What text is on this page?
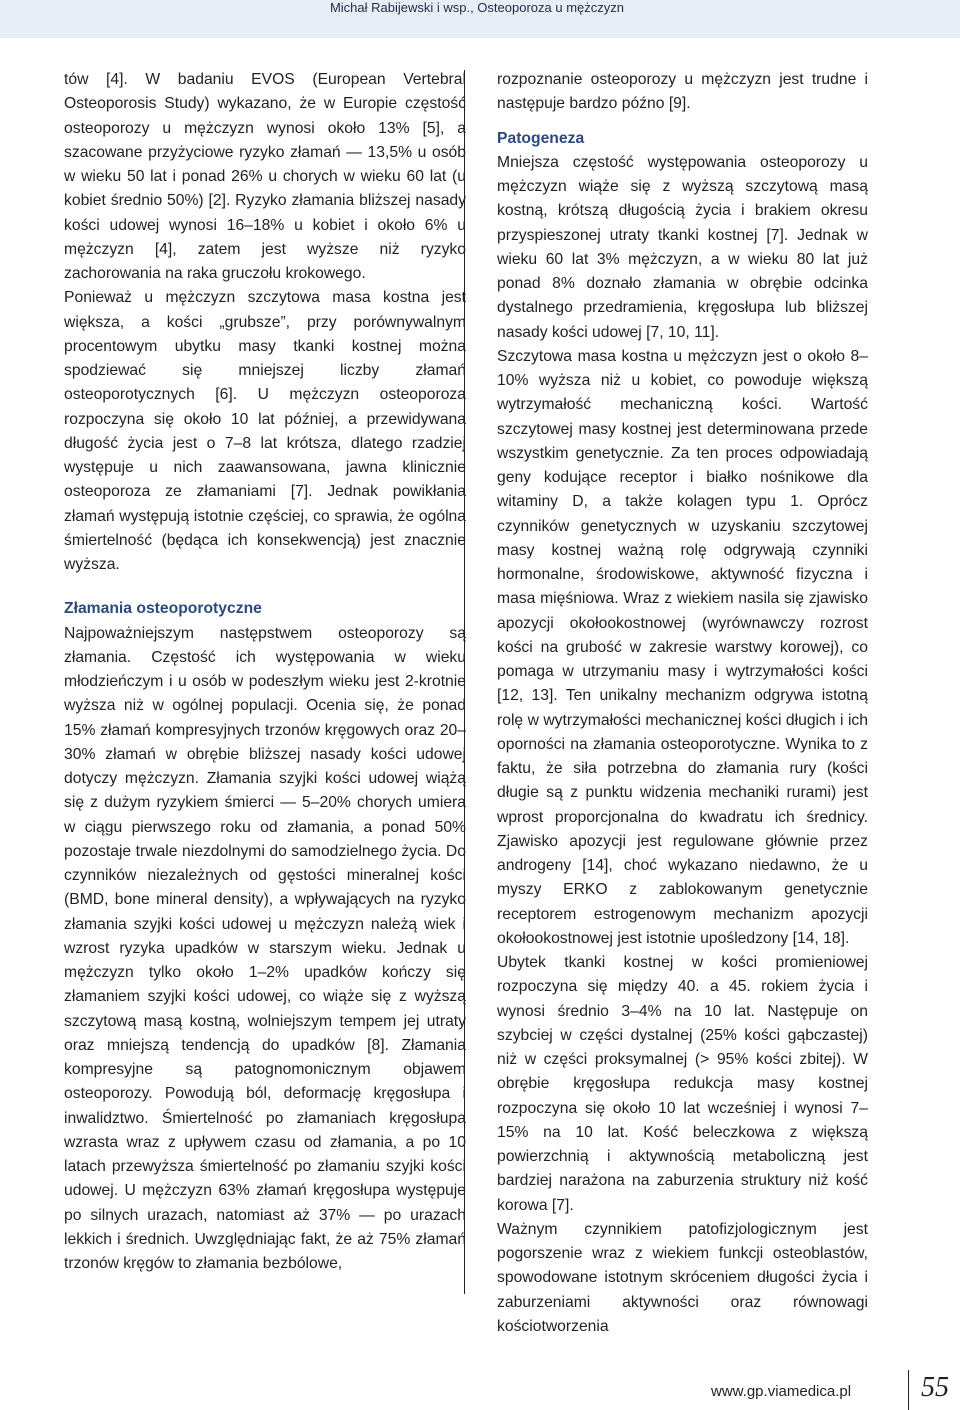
Michał Rabijewski i wsp., Osteoporoza u mężczyzn

tów [4]. W badaniu EVOS (European Vertebral Osteoporosis Study) wykazano, że w Europie częstość osteoporozy u mężczyzn wynosi około 13% [5], a szacowane przyżyciowe ryzyko złamań — 13,5% u osób w wieku 50 lat i ponad 26% u chorych w wieku 60 lat (u kobiet średnio 50%) [2]. Ryzyko złamania bliższej nasady kości udowej wynosi 16–18% u kobiet i około 6% u mężczyzn [4], zatem jest wyższe niż ryzyko zachorowania na raka gruczołu krokowego.

Ponieważ u mężczyzn szczytowa masa kostna jest większa, a kości „grubsze”, przy porównywalnym procentowym ubytku masy tkanki kostnej można spodziewać się mniejszej liczby złamań osteoporotycznych [6]. U mężczyzn osteoporoza rozpoczyna się około 10 lat później, a przewidywana długość życia jest o 7–8 lat krótsza, dlatego rzadziej występuje u nich zaawansowana, jawna klinicznie osteoporoza ze złamaniami [7]. Jednak powikłania złamań występują istotnie częściej, co sprawia, że ogólna śmiertelność (będąca ich konsekwencją) jest znacznie wyższa.

Złamania osteoporotyczne

Najpoważniejszym następstwem osteoporozy są złamania. Częstość ich występowania w wieku młodzieńczym i u osób w podeszłym wieku jest 2-krotnie wyższa niż w ogólnej populacji. Ocenia się, że ponad 15% złamań kompresyjnych trzonów kręgowych oraz 20–30% złamań w obrębie bliższej nasady kości udowej dotyczy mężczyzn. Złamania szyjki kości udowej wiążą się z dużym ryzykiem śmierci — 5–20% chorych umiera w ciągu pierwszego roku od złamania, a ponad 50% pozostaje trwale niezdolnymi do samodzielnego życia. Do czynników niezależnych od gęstości mineralnej kości (BMD, bone mineral density), a wpływających na ryzyko złamania szyjki kości udowej u mężczyzn należą wiek i wzrost ryzyka upadków w starszym wieku. Jednak u mężczyzn tylko około 1–2% upadków kończy się złamaniem szyjki kości udowej, co wiąże się z wyższą szczytową masą kostną, wolniejszym tempem jej utraty oraz mniejszą tendencją do upadków [8]. Złamania kompresyjne są patognomonicznym objawem osteoporozy. Powodują ból, deformację kręgosłupa i inwalidztwo. Śmiertelność po złamaniach kręgosłupa wzrasta wraz z upływem czasu od złamania, a po 10 latach przewyższa śmiertelność po złamaniu szyjki kości udowej. U mężczyzn 63% złamań kręgosłupa występuje po silnych urazach, natomiast aż 37% — po urazach lekkich i średnich. Uwzględniając fakt, że aż 75% złamań trzonów kręgów to złamania bezbólowe,

rozpoznanie osteoporozy u mężczyzn jest trudne i następuje bardzo późno [9].

Patogeneza

Mniejsza częstość występowania osteoporozy u mężczyzn wiąże się z wyższą szczytową masą kostną, krótszą długością życia i brakiem okresu przyspieszonej utraty tkanki kostnej [7]. Jednak w wieku 60 lat 3% mężczyzn, a w wieku 80 lat już ponad 8% doznało złamania w obrębie odcinka dystalnego przedramienia, kręgosłupa lub bliższej nasady kości udowej [7, 10, 11].

Szczytowa masa kostna u mężczyzn jest o około 8–10% wyższa niż u kobiet, co powoduje większą wytrzymałość mechaniczną kości. Wartość szczytowej masy kostnej jest determinowana przede wszystkim genetycznie. Za ten proces odpowiadają geny kodujące receptor i białko nośnikowe dla witaminy D, a także kolagen typu 1. Oprócz czynników genetycznych w uzyskaniu szczytowej masy kostnej ważną rolę odgrywają czynniki hormonalne, środowiskowe, aktywność fizyczna i masa mięśniowa. Wraz z wiekiem nasila się zjawisko apozycji okołookostnowej (wyrównawczy rozrost kości na grubość w zakresie warstwy korowej), co pomaga w utrzymaniu masy i wytrzymałości kości [12, 13]. Ten unikalny mechanizm odgrywa istotną rolę w wytrzymałości mechanicznej kości długich i ich oporności na złamania osteoporotyczne. Wynika to z faktu, że siła potrzebna do złamania rury (kości długie są z punktu widzenia mechaniki rurami) jest wprost proporcjonalna do kwadratu ich średnicy. Zjawisko apozycji jest regulowane głównie przez androgeny [14], choć wykazano niedawno, że u myszy ERKO z zablokowanym genetycznie receptorem estrogenowym mechanizm apozycji okołookostnowej jest istotnie upośledzony [14, 18].

Ubytek tkanki kostnej w kości promieniowej rozpoczyna się między 40. a 45. rokiem życia i wynosi średnio 3–4% na 10 lat. Następuje on szybciej w części dystalnej (25% kości gąbczastej) niż w części proksymalnej (> 95% kości zbitej). W obrębie kręgosłupa redukcja masy kostnej rozpoczyna się około 10 lat wcześniej i wynosi 7–15% na 10 lat. Kość beleczkowa z większą powierzchnią i aktywnością metaboliczną jest bardziej narażona na zaburzenia struktury niż kość korowa [7].

Ważnym czynnikiem patofizjologicznym jest pogorszenie wraz z wiekiem funkcji osteoblastów, spowodowane istotnym skróceniem długości życia i zaburzeniami aktywności oraz równowagi kościotworzenia

www.gp.viamedica.pl 55
